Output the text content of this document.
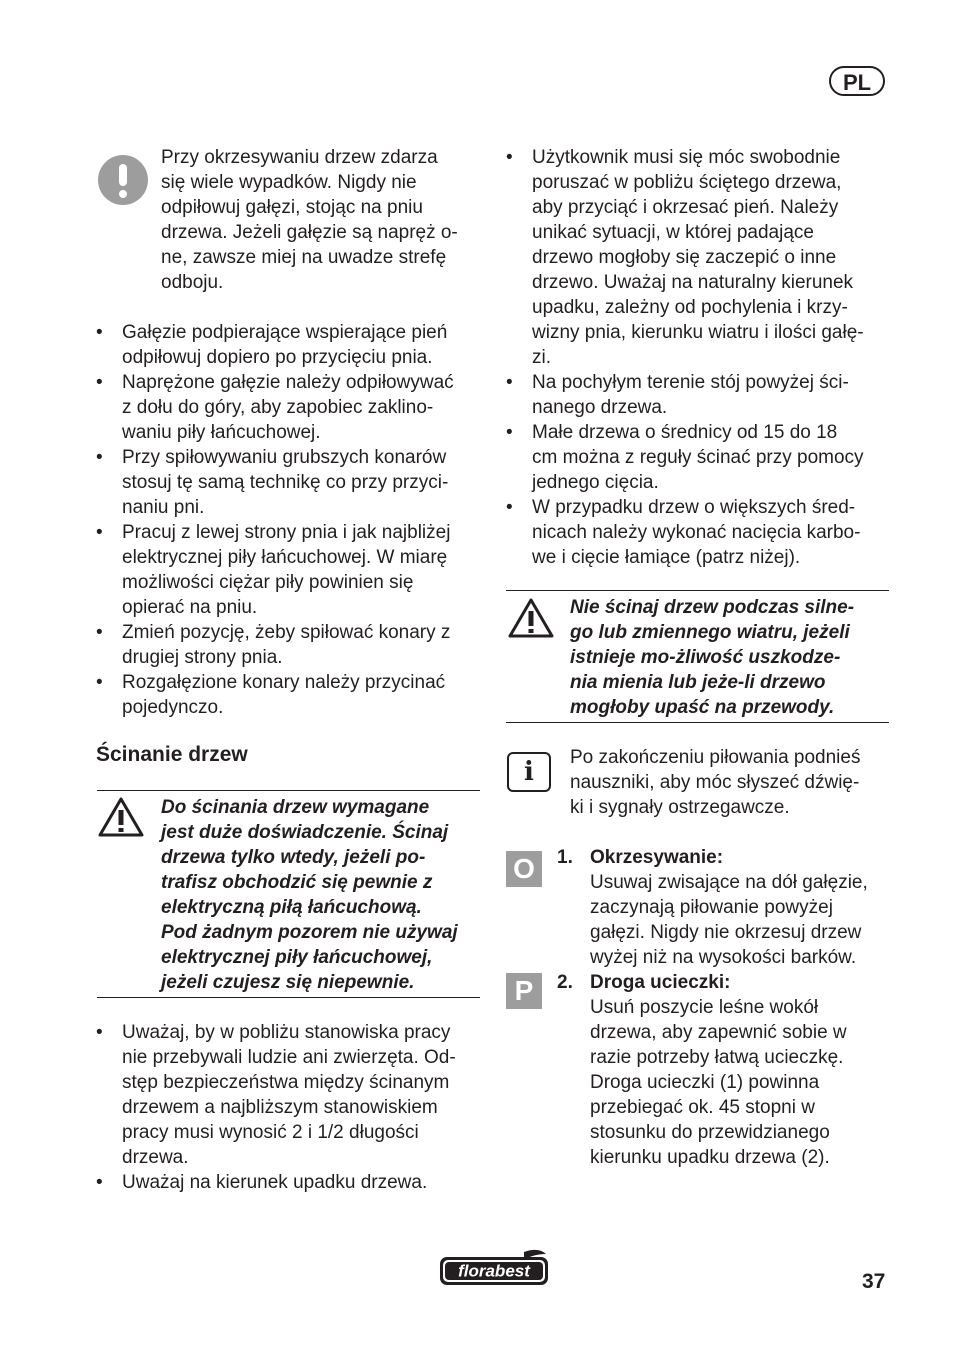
PL
Przy okrzesywaniu drzew zdarza
się wiele wypadków. Nigdy nie
odpiłowuj gałęzi, stojąc na pniu
drzewa. Jeżeli gałęzie są napręż o-
ne, zawsze miej na uwadze strefę
odboju.
• Gałęzie podpierające wspierające pień
odpiłowuj dopiero po przycięciu pnia.
• Naprężone gałęzie należy odpiłowywać
z dołu do góry, aby zapobiec zaklino-
waniu piły łańcuchowej.
• Przy spiłowywaniu grubszych konarów
stosuj tę samą technikę co przy przyci-
naniu pni.
• Pracuj z lewej strony pnia i jak najbliżej
elektrycznej piły łańcuchowej. W miarę
możliwości ciężar piły powinien się
opierać na pniu.
• Zmień pozycję, żeby spiłować konary z
drugiej strony pnia.
• Rozgałęzione konary należy przycinać
pojedynczo.
Ścinanie drzew
Do ścinania drzew wymagane
jest duże doświadczenie. Ścinaj
drzewa tylko wtedy, jeżeli po-
trafisz obchodzić się pewnie z
elektryczną piłą łańcuchową.
Pod żadnym pozorem nie używaj
elektrycznej piły łańcuchowej,
jeżeli czujesz się niepewnie.
• Uważaj, by w pobliżu stanowiska pracy
nie przebywali ludzie ani zwierzęta. Od-
stęp bezpieczeństwa między ścinanym
drzewem a najbliższym stanowiskiem
pracy musi wynosić 2 i 1/2 długości
drzewa.
• Uważaj na kierunek upadku drzewa.
• Użytkownik musi się móc swobodnie
poruszać w pobliżu ściętego drzewa,
aby przyciąć i okrzesać pień. Należy
unikać sytuacji, w której padające
drzewo mogłoby się zaczepić o inne
drzewo. Uważaj na naturalny kierunek
upadku, zależny od pochylenia i krzy-
wizny pnia, kierunku wiatru i ilości gałę-
zi.
• Na pochyłym terenie stój powyżej ści-
nanego drzewa.
• Małe drzewa o średnicy od 15 do 18
cm można z reguły ścinać przy pomocy
jednego cięcia.
• W przypadku drzew o większych śred-
nicach należy wykonać nacięcia karbo-
we i cięcie łamiące (patrz niżej).
Nie ścinaj drzew podczas silne-
go lub zmiennego wiatru, jeżeli
istnieje mo-żliwość uszkodze-
nia mienia lub jeże-li drzewo
mogłoby upaść na przewody.
i	Po zakończeniu piłowania podnieś
nauszniki, aby móc słyszeć dźwię-
ki i sygnały ostrzegawcze.
O	1. Okrzesywanie:
Usuwaj zwisające na dół gałęzie,
zaczynają piłowanie powyżej
gałęzi. Nigdy nie okrzesuj drzew
wyżej niż na wysokości barków.
P	2. Droga ucieczki:
Usuń poszycie leśne wokół
drzewa, aby zapewnić sobie w
razie potrzeby łatwą ucieczkę.
Droga ucieczki (1) powinna
przebiegać ok. 45 stopni w
stosunku do przewidzianego
kierunku upadku drzewa (2).
florabest	37
